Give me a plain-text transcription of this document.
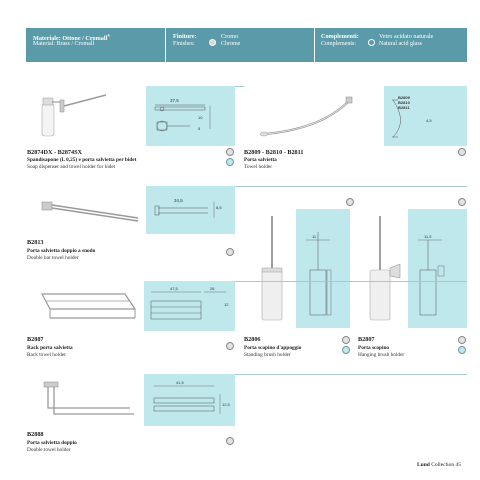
Materiale: Ottone / Cromall®
Material: Brass / Cromall
Finiture:
Finishes:
Cromo
Chrome
Complementi:
Complements:
Vetro acidato naturale
Natural acid glass
37,5
10
5
B2809
B2810
B2811
4,5
B2874DX - B2874SX
Spandisapone (L 0,25) e porta salvietta per bidet
Soap dispenser and towel holder for bidet
B2809 - B2810 - B2811
Porta salvietta
Towel holder
34,5
8,5
B2813
Porta salvietta doppio a snodo
Double bar towel holder
11	11,5
47,5	26
12
B2887
Rack porta salvietta
Rack towel holder
B2806
Porta scopino d'appoggio
Standing brush holder
B2807
Porta scopino
Hanging brush holder
41,5
12,5
B2888
Porta salvietta doppio
Double towel holder
Lund Collection 45
